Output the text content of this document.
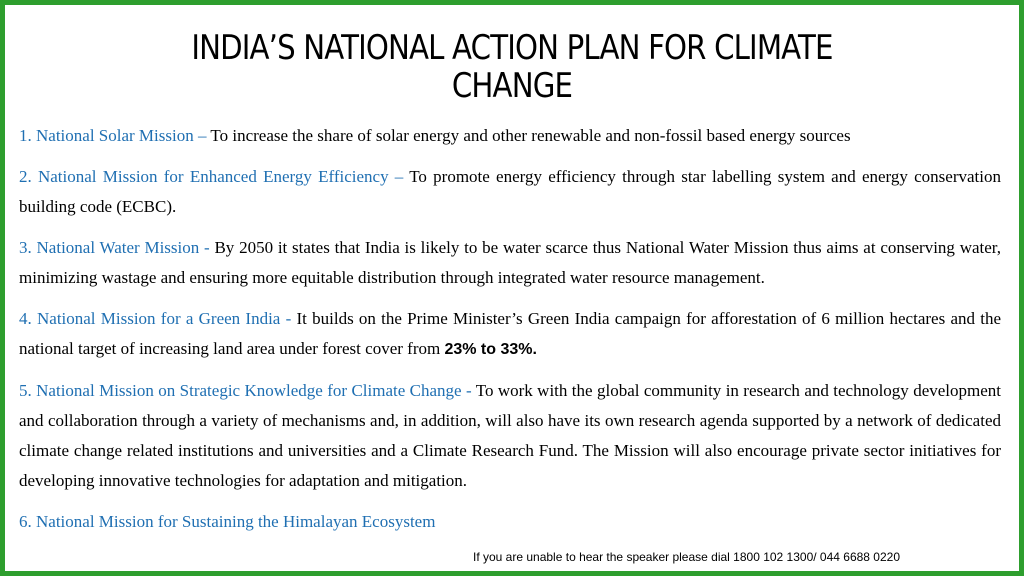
INDIA’S NATIONAL ACTION PLAN FOR CLIMATE
CHANGE

1. National Solar Mission – To increase the share of solar energy and other renewable and non-fossil based energy sources

2. National Mission for Enhanced Energy Efficiency – To promote energy efficiency through star labelling system and energy conservation building code (ECBC).

3. National Water Mission - By 2050 it states that India is likely to be water scarce thus National Water Mission thus aims at conserving water, minimizing wastage and ensuring more equitable distribution through integrated water resource management.

4. National Mission for a Green India - It builds on the Prime Minister’s Green India campaign for afforestation of 6 million hectares and the national target of increasing land area under forest cover from 23% to 33%.

5. National Mission on Strategic Knowledge for Climate Change - To work with the global community in research and technology development and collaboration through a variety of mechanisms and, in addition, will also have its own research agenda supported by a network of dedicated climate change related institutions and universities and a Climate Research Fund. The Mission will also encourage private sector initiatives for developing innovative technologies for adaptation and mitigation.

6. National Mission for Sustaining the Himalayan Ecosystem

If you are unable to hear the speaker please dial 1800 102 1300/ 044 6688 0220
